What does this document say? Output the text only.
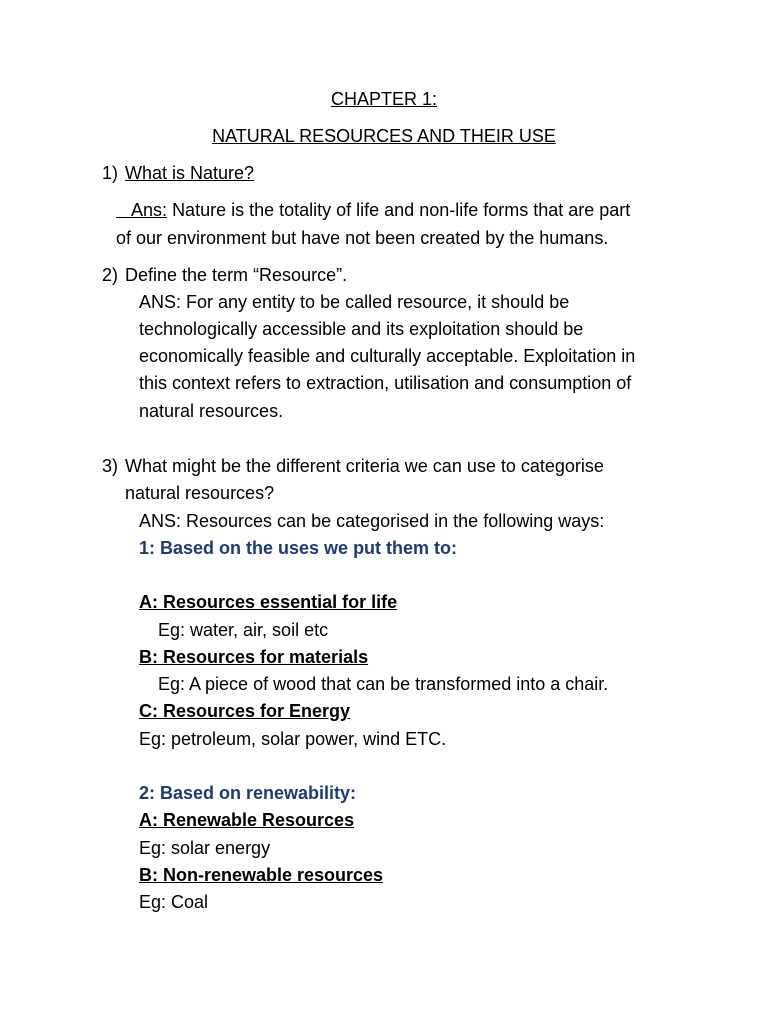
CHAPTER 1:
NATURAL RESOURCES AND THEIR USE
1) What is Nature?
Ans: Nature is the totality of life and non-life forms that are part
of our environment but have not been created by the humans.
2) Define the term “Resource”.
ANS: For any entity to be called resource, it should be
technologically accessible and its exploitation should be
economically feasible and culturally acceptable. Exploitation in
this context refers to extraction, utilisation and consumption of
natural resources.
3) What might be the different criteria we can use to categorise
natural resources?
ANS: Resources can be categorised in the following ways:
1: Based on the uses we put them to:
A: Resources essential for life
Eg: water, air, soil etc
B: Resources for materials
Eg: A piece of wood that can be transformed into a chair.
C: Resources for Energy
Eg: petroleum, solar power, wind ETC.
2: Based on renewability:
A: Renewable Resources
Eg: solar energy
B: Non-renewable resources
Eg: Coal
